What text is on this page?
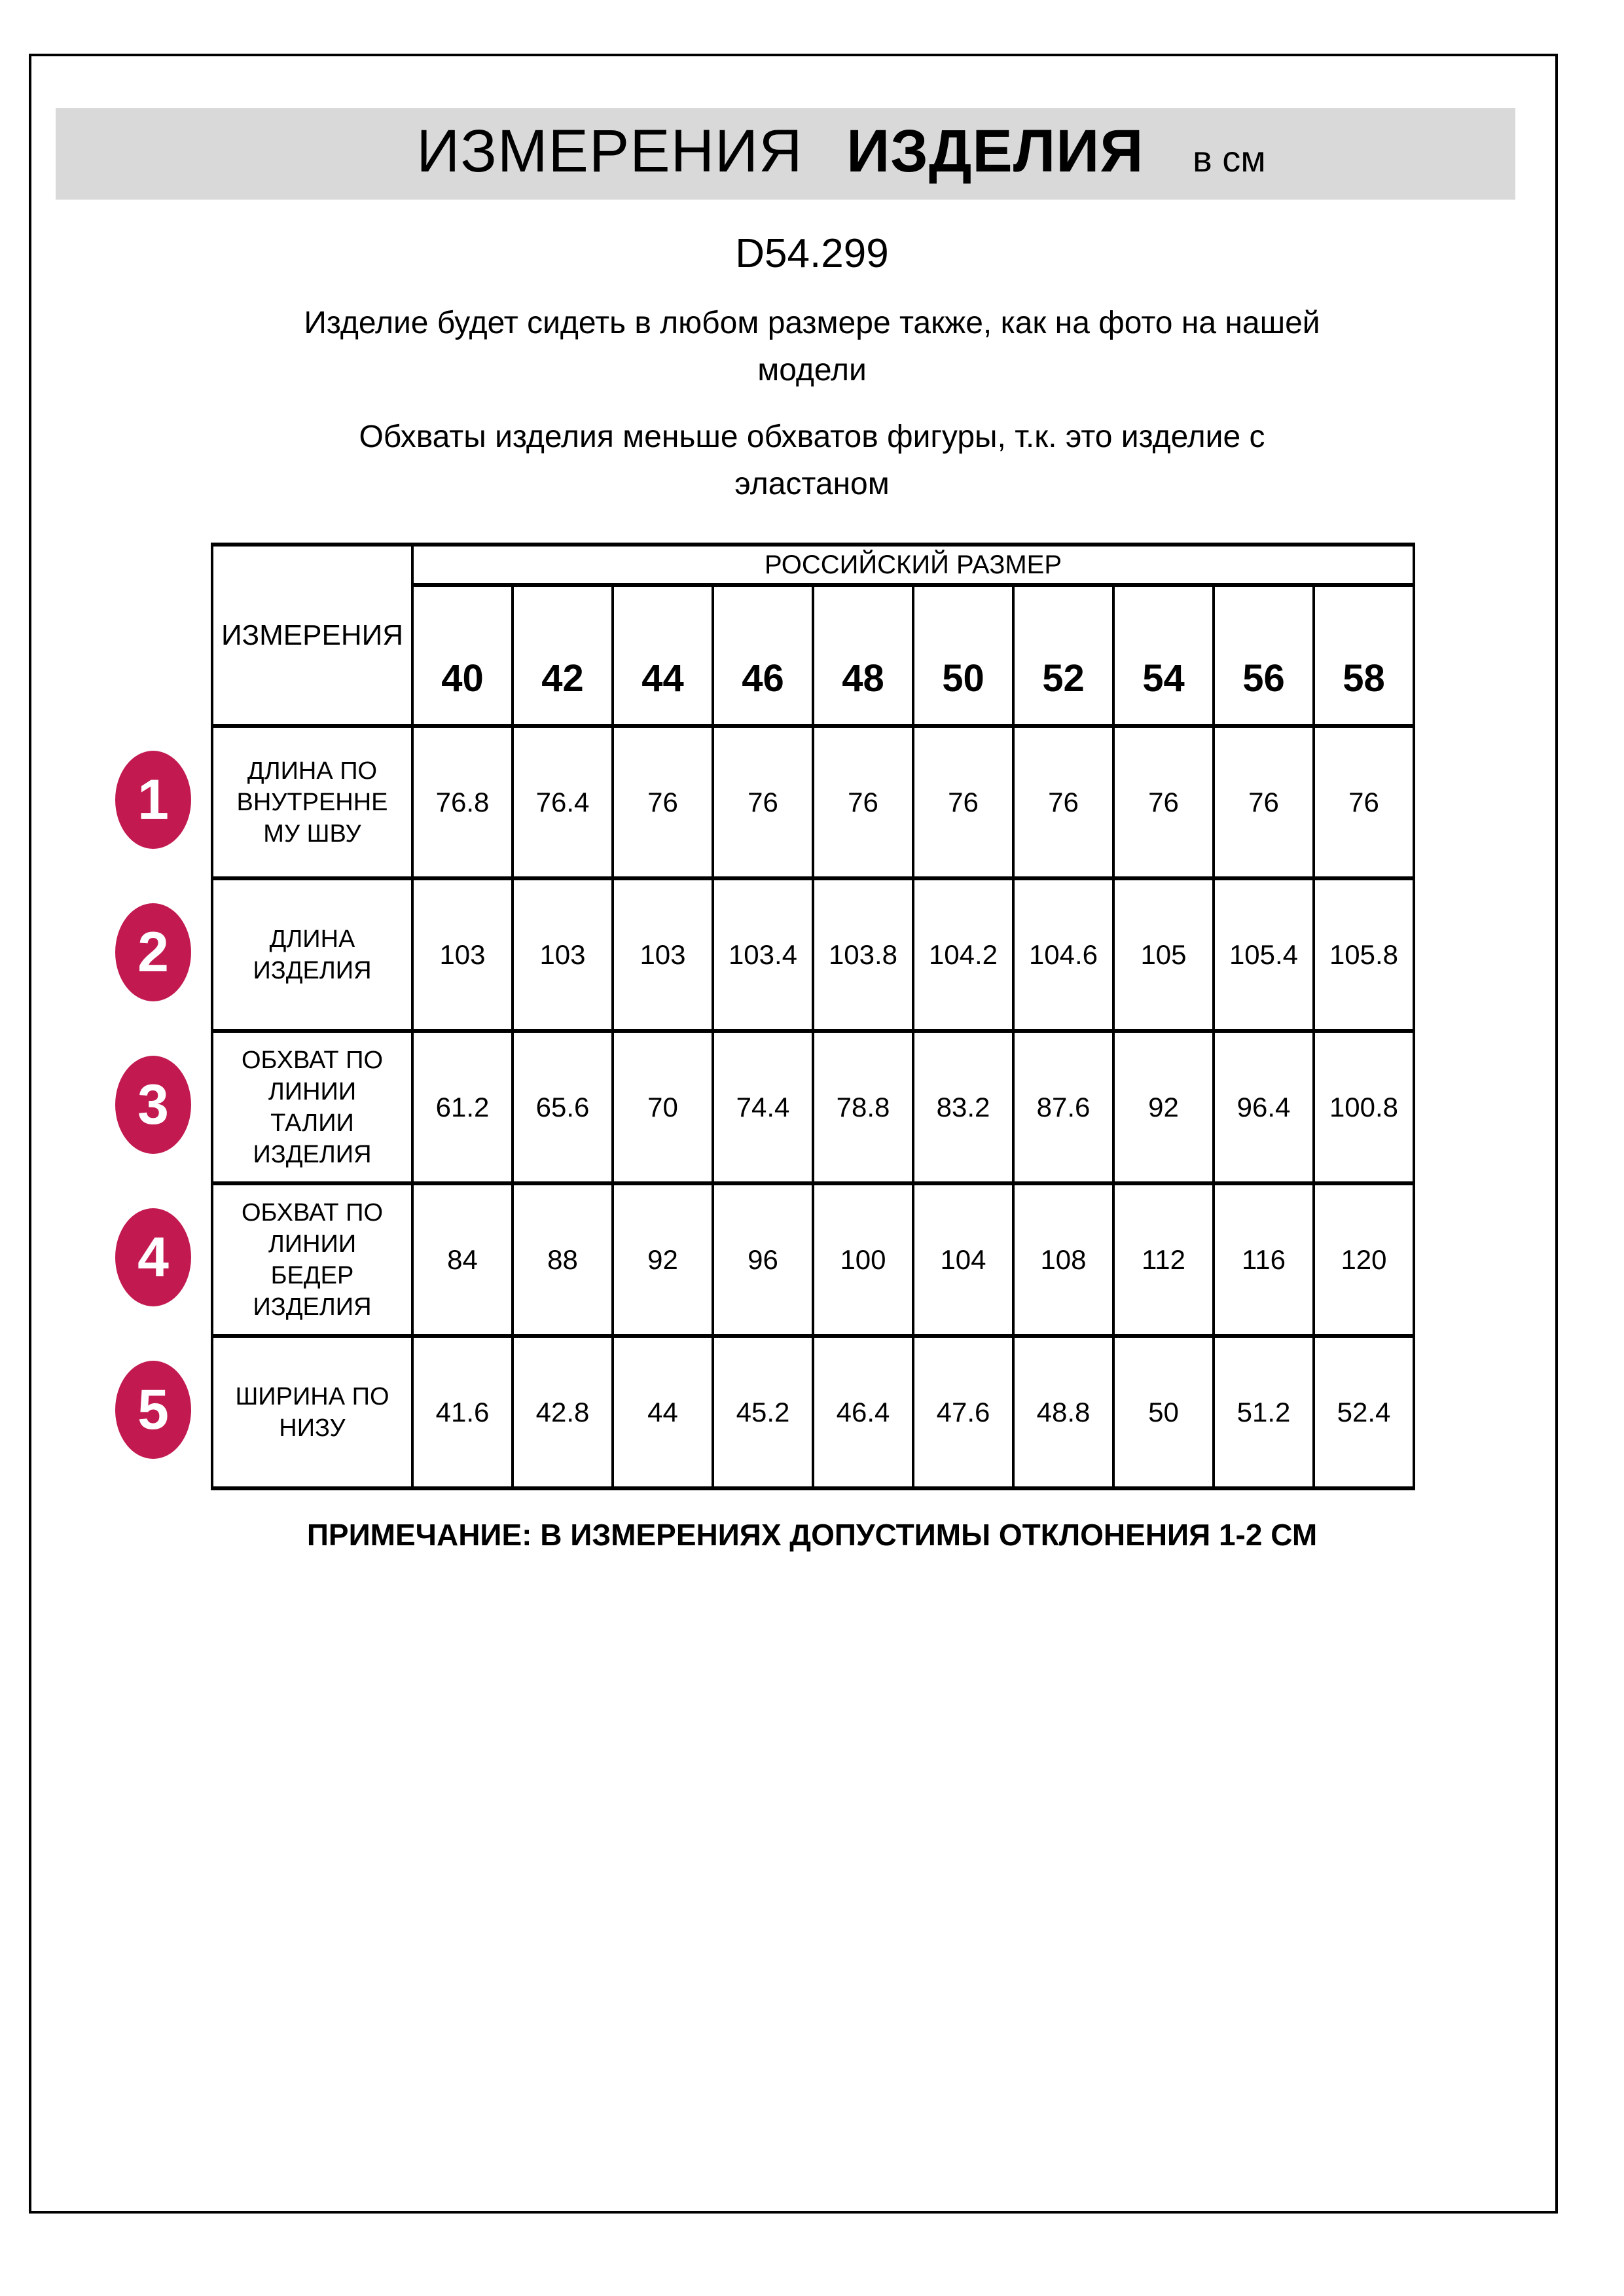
ИЗМЕРЕНИЯ ИЗДЕЛИЯ в см
D54.299
Изделие будет сидеть в любом размере также, как на фото на нашей
модели
Обхваты изделия меньше обхватов фигуры, т.к. это изделие с
эластаном
ИЗМЕРЕНИЯ	РОССИЙСКИЙ РАЗМЕР									
	40	42	44	46	48	50	52	54	56	58

ДЛИНА ПО
ВНУТРЕННЕ
МУ ШВУ	76.8	76.4	76	76	76	76	76	76	76	76

ДЛИНА
ИЗДЕЛИЯ	103	103	103	103.4	103.8	104.2	104.6	105	105.4	105.8

ОБХВАТ ПО
ЛИНИИ
ТАЛИИ
ИЗДЕЛИЯ	61.2	65.6	70	74.4	78.8	83.2	87.6	92	96.4	100.8

ОБХВАТ ПО
ЛИНИИ
БЕДЕР
ИЗДЕЛИЯ	84	88	92	96	100	104	108	112	116	120

ШИРИНА ПО
НИЗУ	41.6	42.8	44	45.2	46.4	47.6	48.8	50	51.2	52.4
1
2
3
4
5
ПРИМЕЧАНИЕ: В ИЗМЕРЕНИЯХ ДОПУСТИМЫ ОТКЛОНЕНИЯ 1-2 СМ
